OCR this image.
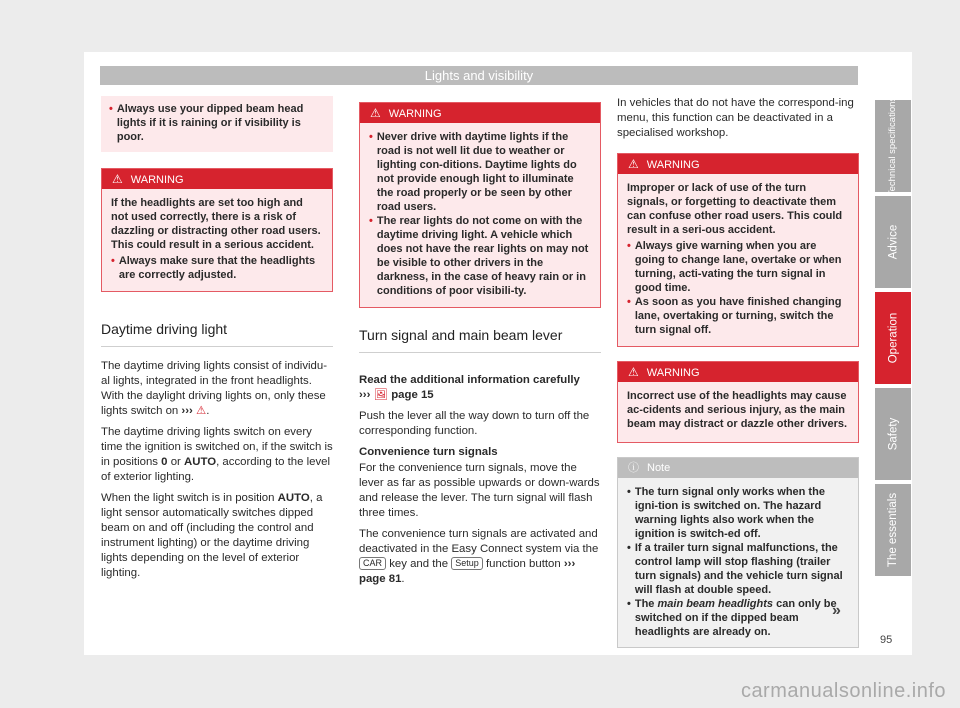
Lights and visibility
• Always use your dipped beam head lights if it is raining or if visibility is poor.
⚠ WARNING

If the headlights are set too high and not used correctly, there is a risk of dazzling or distracting other road users. This could result in a serious accident.

• Always make sure that the headlights are correctly adjusted.
Daytime driving light

The daytime driving lights consist of individu-al lights, integrated in the front headlights. With the daylight driving lights on, only these lights switch on ››› ⚠.

The daytime driving lights switch on every time the ignition is switched on, if the switch is in positions 0 or AUTO, according to the level of exterior lighting.

When the light switch is in position AUTO, a light sensor automatically switches dipped beam on and off (including the control and instrument lighting) or the daytime driving lights depending on the level of exterior lighting.

⚠ WARNING
• Never drive with daytime lights if the road is not well lit due to weather or lighting con-ditions. Daytime lights do not provide enough light to illuminate the road properly or be seen by other road users.
• The rear lights do not come on with the daytime driving light. A vehicle which does not have the rear lights on may not be visible to other drivers in the darkness, in the case of heavy rain or in conditions of poor visibili-ty.
Turn signal and main beam lever

Read the additional information carefully

››› 🖼 page 15

Push the lever all the way down to turn off the corresponding function.

Convenience turn signals

For the convenience turn signals, move the lever as far as possible upwards or down-wards and release the lever. The turn signal will flash three times.

The convenience turn signals are activated and deactivated in the Easy Connect system via the CAR key and the Setup function button ››› page 81.

In vehicles that do not have the correspond-ing menu, this function can be deactivated in a specialised workshop.

⚠ WARNING

Improper or lack of use of the turn signals, or forgetting to deactivate them can confuse other road users. This could result in a seri-ous accident.

• Always give warning when you are going to change lane, overtake or when turning, acti-vating the turn signal in good time.
• As soon as you have finished changing lane, overtaking or turning, switch the turn signal off.
⚠ WARNING

Incorrect use of the headlights may cause ac-cidents and serious injury, as the main beam may distract or dazzle other drivers.

ⓘ Note
• The turn signal only works when the igni-tion is switched on. The hazard warning lights also work when the ignition is switch-ed off.
• If a trailer turn signal malfunctions, the control lamp will stop flashing (trailer turn signals) and the vehicle turn signal will flash at double speed.
• The main beam headlights can only be switched on if the dipped beam headlights are already on.
»
Technical specifications
Advice
Operation
Safety
The essentials
95
carmanualsonline.info
